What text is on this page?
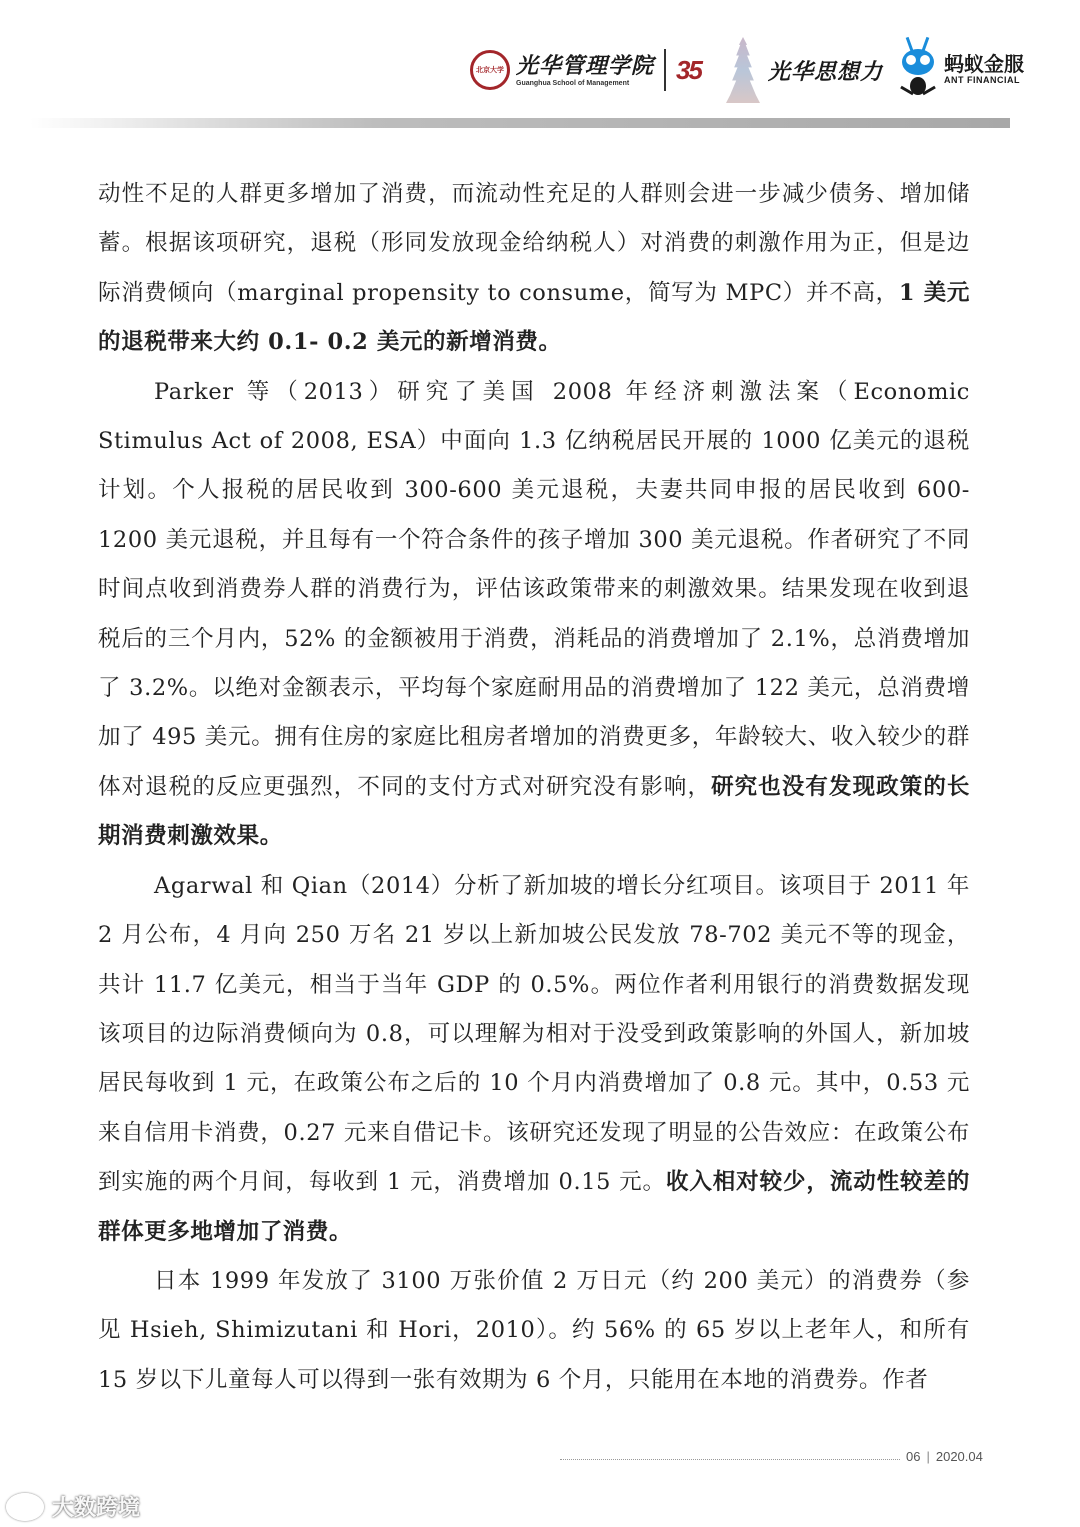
北京大学 光华管理学院
Guanghua School of Management	35	光华思想力	蚂蚁金服
ANT FINANCIAL

动性不足的人群更多增加了消费，而流动性充足的人群则会进一步减少债务、增加储蓄。根据该项研究，退税（形同发放现金给纳税人）对消费的刺激作用为正，但是边际消费倾向（marginal propensity to consume，简写为 MPC）并不高，1 美元的退税带来大约 0.1- 0.2 美元的新增消费。

Parker 等（2013）研究了美国 2008 年经济刺激法案（Economic Stimulus Act of 2008, ESA）中面向 1.3 亿纳税居民开展的 1000 亿美元的退税计划。个人报税的居民收到 300-600 美元退税，夫妻共同申报的居民收到 600-1200 美元退税，并且每有一个符合条件的孩子增加 300 美元退税。作者研究了不同时间点收到消费券人群的消费行为，评估该政策带来的刺激效果。结果发现在收到退税后的三个月内，52% 的金额被用于消费，消耗品的消费增加了 2.1%，总消费增加了 3.2%。以绝对金额表示，平均每个家庭耐用品的消费增加了 122 美元，总消费增加了 495 美元。拥有住房的家庭比租房者增加的消费更多，年龄较大、收入较少的群体对退税的反应更强烈，不同的支付方式对研究没有影响，研究也没有发现政策的长期消费刺激效果。

Agarwal 和 Qian（2014）分析了新加坡的增长分红项目。该项目于 2011 年 2 月公布，4 月向 250 万名 21 岁以上新加坡公民发放 78-702 美元不等的现金，共计 11.7 亿美元，相当于当年 GDP 的 0.5%。两位作者利用银行的消费数据发现该项目的边际消费倾向为 0.8，可以理解为相对于没受到政策影响的外国人，新加坡居民每收到 1 元，在政策公布之后的 10 个月内消费增加了 0.8 元。其中，0.53 元来自信用卡消费，0.27 元来自借记卡。该研究还发现了明显的公告效应：在政策公布到实施的两个月间，每收到 1 元，消费增加 0.15 元。收入相对较少，流动性较差的群体更多地增加了消费。

日本 1999 年发放了 3100 万张价值 2 万日元（约 200 美元）的消费券（参见 Hsieh, Shimizutani 和 Hori，2010）。约 56% 的 65 岁以上老年人，和所有 15 岁以下儿童每人可以得到一张有效期为 6 个月，只能用在本地的消费券。作者

06 | 2020.04
大数跨境
